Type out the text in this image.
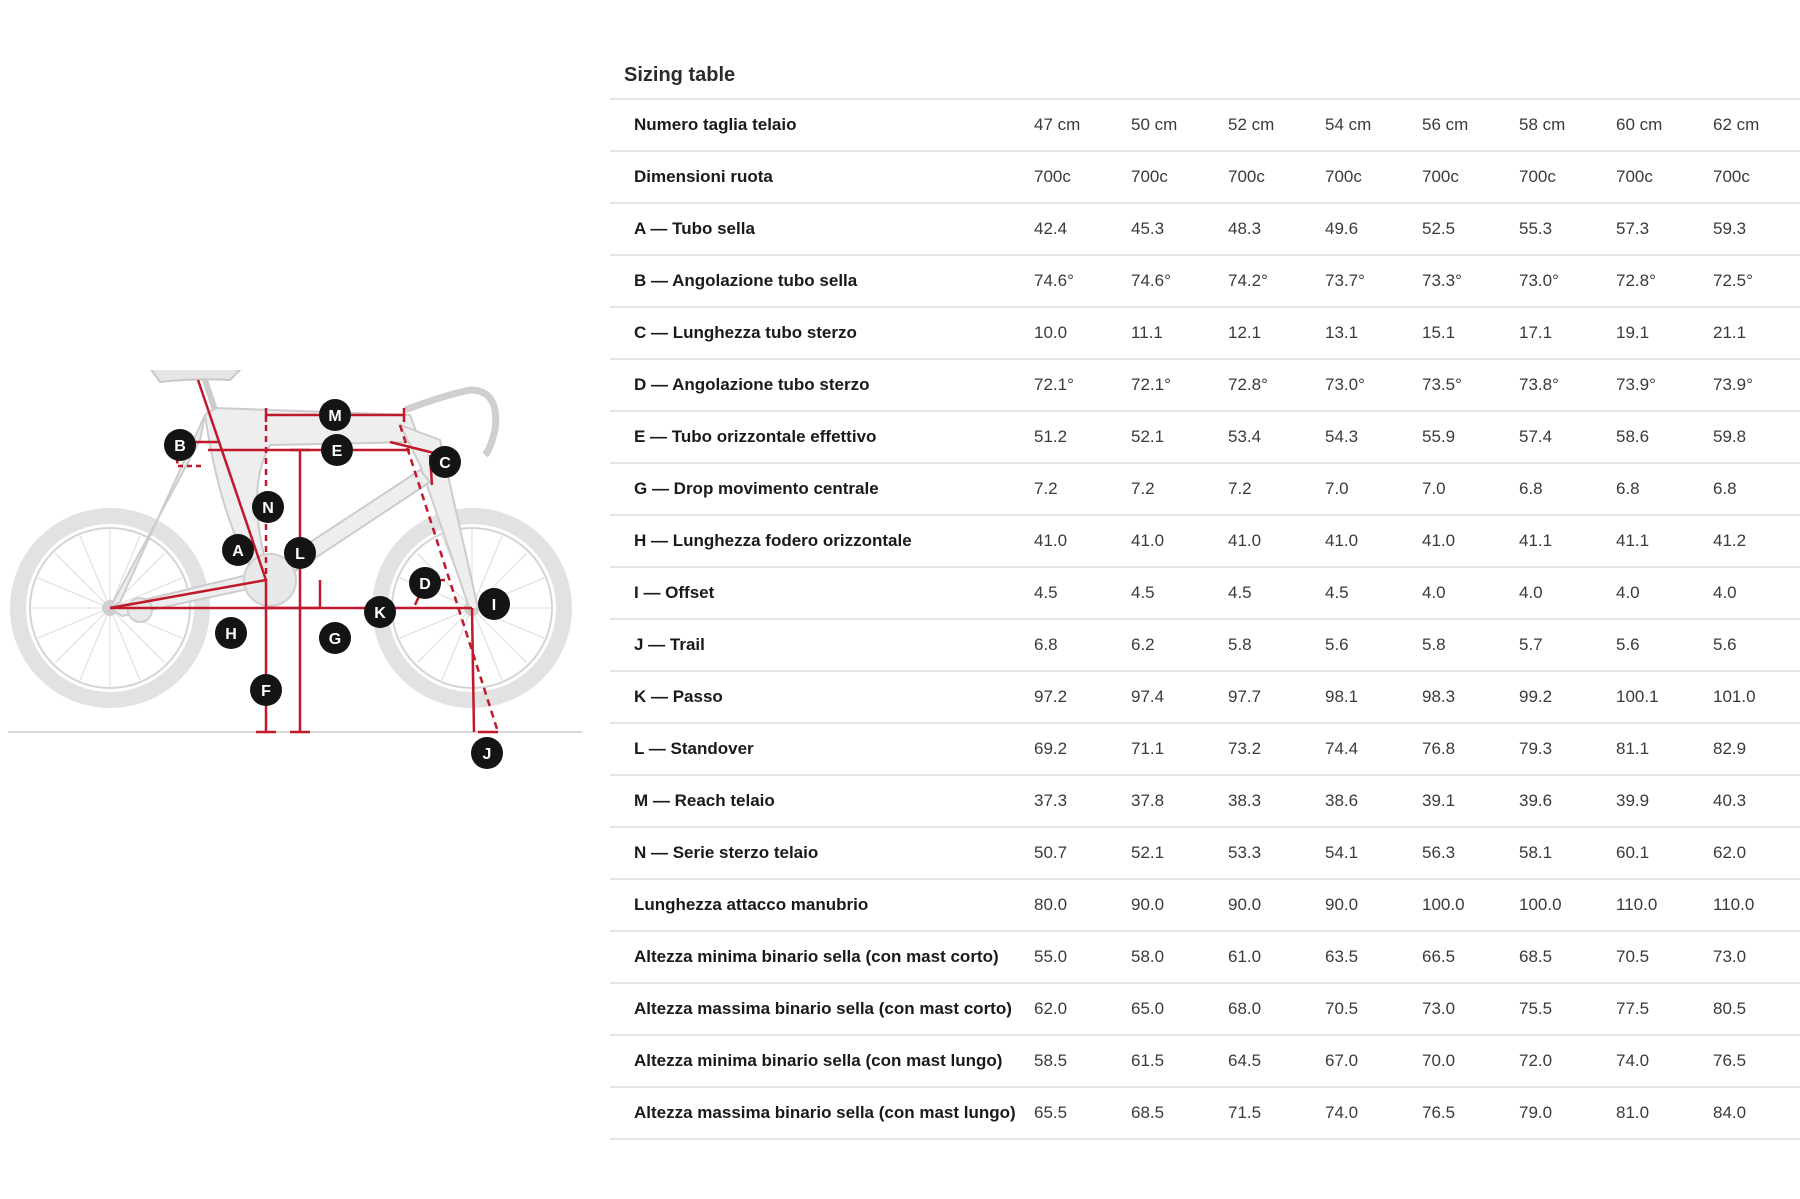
M
E
B
C
N
A	L
D
I
K
H	G
F
J
Sizing table
Numero taglia telaio	47 cm	50 cm	52 cm	54 cm	56 cm	58 cm	60 cm	62 cm
Dimensioni ruota	700c	700c	700c	700c	700c	700c	700c	700c
A — Tubo sella	42.4	45.3	48.3	49.6	52.5	55.3	57.3	59.3
B — Angolazione tubo sella	74.6°	74.6°	74.2°	73.7°	73.3°	73.0°	72.8°	72.5°
C — Lunghezza tubo sterzo	10.0	11.1	12.1	13.1	15.1	17.1	19.1	21.1
D — Angolazione tubo sterzo	72.1°	72.1°	72.8°	73.0°	73.5°	73.8°	73.9°	73.9°
E — Tubo orizzontale effettivo	51.2	52.1	53.4	54.3	55.9	57.4	58.6	59.8
G — Drop movimento centrale	7.2	7.2	7.2	7.0	7.0	6.8	6.8	6.8
H — Lunghezza fodero orizzontale	41.0	41.0	41.0	41.0	41.0	41.1	41.1	41.2
I — Offset	4.5	4.5	4.5	4.5	4.0	4.0	4.0	4.0
J — Trail	6.8	6.2	5.8	5.6	5.8	5.7	5.6	5.6
K — Passo	97.2	97.4	97.7	98.1	98.3	99.2	100.1	101.0
L — Standover	69.2	71.1	73.2	74.4	76.8	79.3	81.1	82.9
M — Reach telaio	37.3	37.8	38.3	38.6	39.1	39.6	39.9	40.3
N — Serie sterzo telaio	50.7	52.1	53.3	54.1	56.3	58.1	60.1	62.0
Lunghezza attacco manubrio	80.0	90.0	90.0	90.0	100.0	100.0	110.0	110.0
Altezza minima binario sella (con mast corto)	55.0	58.0	61.0	63.5	66.5	68.5	70.5	73.0
Altezza massima binario sella (con mast corto)	62.0	65.0	68.0	70.5	73.0	75.5	77.5	80.5
Altezza minima binario sella (con mast lungo)	58.5	61.5	64.5	67.0	70.0	72.0	74.0	76.5
Altezza massima binario sella (con mast lungo)	65.5	68.5	71.5	74.0	76.5	79.0	81.0	84.0
